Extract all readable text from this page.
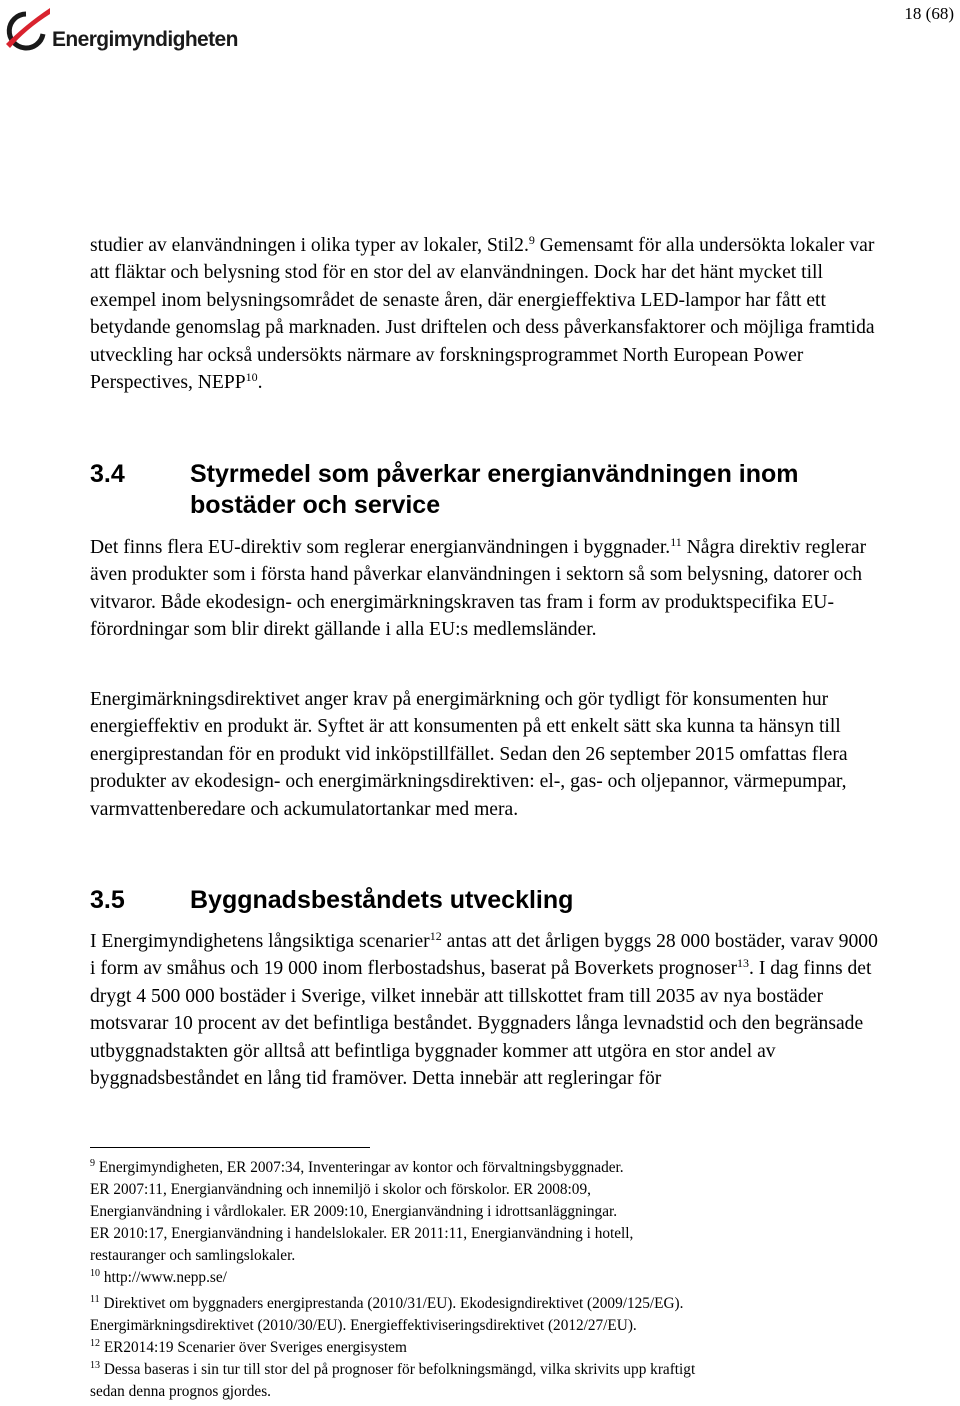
18 (68)
Energimyndigheten

studier av elanvändningen i olika typer av lokaler, Stil2.$^9$ Gemensamt för alla undersökta lokaler var att fläktar och belysning stod för en stor del av elanvändningen. Dock har det hänt mycket till exempel inom belysningsområdet de senaste åren, där energieffektiva LED-lampor har fått ett betydande genomslag på marknaden. Just driftelen och dess påverkansfaktorer och möjliga framtida utveckling har också undersökts närmare av forskningsprogrammet North European Power Perspectives, NEPP$^{10}$.

3.4	Styrmedel som påverkar energianvändningen inom bostäder och service

Det finns flera EU-direktiv som reglerar energianvändningen i byggnader.$^{11}$ Några direktiv reglerar även produkter som i första hand påverkar elanvändningen i sektorn så som belysning, datorer och vitvaror. Både ekodesign- och energimärkningskraven tas fram i form av produktspecifika EU-förordningar som blir direkt gällande i alla EU:s medlemsländer.

Energimärkningsdirektivet anger krav på energimärkning och gör tydligt för konsumenten hur energieffektiv en produkt är. Syftet är att konsumenten på ett enkelt sätt ska kunna ta hänsyn till energiprestandan för en produkt vid inköpstillfället. Sedan den 26 september 2015 omfattas flera produkter av ekodesign- och energimärkningsdirektiven: el-, gas- och oljepannor, värmepumpar, varmvattenberedare och ackumulatortankar med mera.

3.5	Byggnadsbeståndets utveckling

I Energimyndighetens långsiktiga scenarier$^{12}$ antas att det årligen byggs 28 000 bostäder, varav 9000 i form av småhus och 19 000 inom flerbostadshus, baserat på Boverkets prognoser$^{13}$. I dag finns det drygt 4 500 000 bostäder i Sverige, vilket innebär att tillskottet fram till 2035 av nya bostäder motsvarar 10 procent av det befintliga beståndet. Byggnaders långa levnadstid och den begränsade utbyggnadstakten gör alltså att befintliga byggnader kommer att utgöra en stor andel av byggnadsbeståndet en lång tid framöver. Detta innebär att regleringar för

$^9$ Energimyndigheten, ER 2007:34, Inventeringar av kontor och förvaltningsbyggnader.
ER 2007:11, Energianvändning och innemiljö i skolor och förskolor. ER 2008:09,
Energianvändning i vårdlokaler. ER 2009:10, Energianvändning i idrottsanläggningar.
ER 2010:17, Energianvändning i handelslokaler. ER 2011:11, Energianvändning i hotell,
restauranger och samlingslokaler.
$^{10}$ http://www.nepp.se/
$^{11}$ Direktivet om byggnaders energiprestanda (2010/31/EU). Ekodesigndirektivet (2009/125/EG).
Energimärkningsdirektivet (2010/30/EU). Energieffektiviseringsdirektivet (2012/27/EU).
$^{12}$ ER2014:19 Scenarier över Sveriges energisystem
$^{13}$ Dessa baseras i sin tur till stor del på prognoser för befolkningsmängd, vilka skrivits upp kraftigt
sedan denna prognos gjordes.
